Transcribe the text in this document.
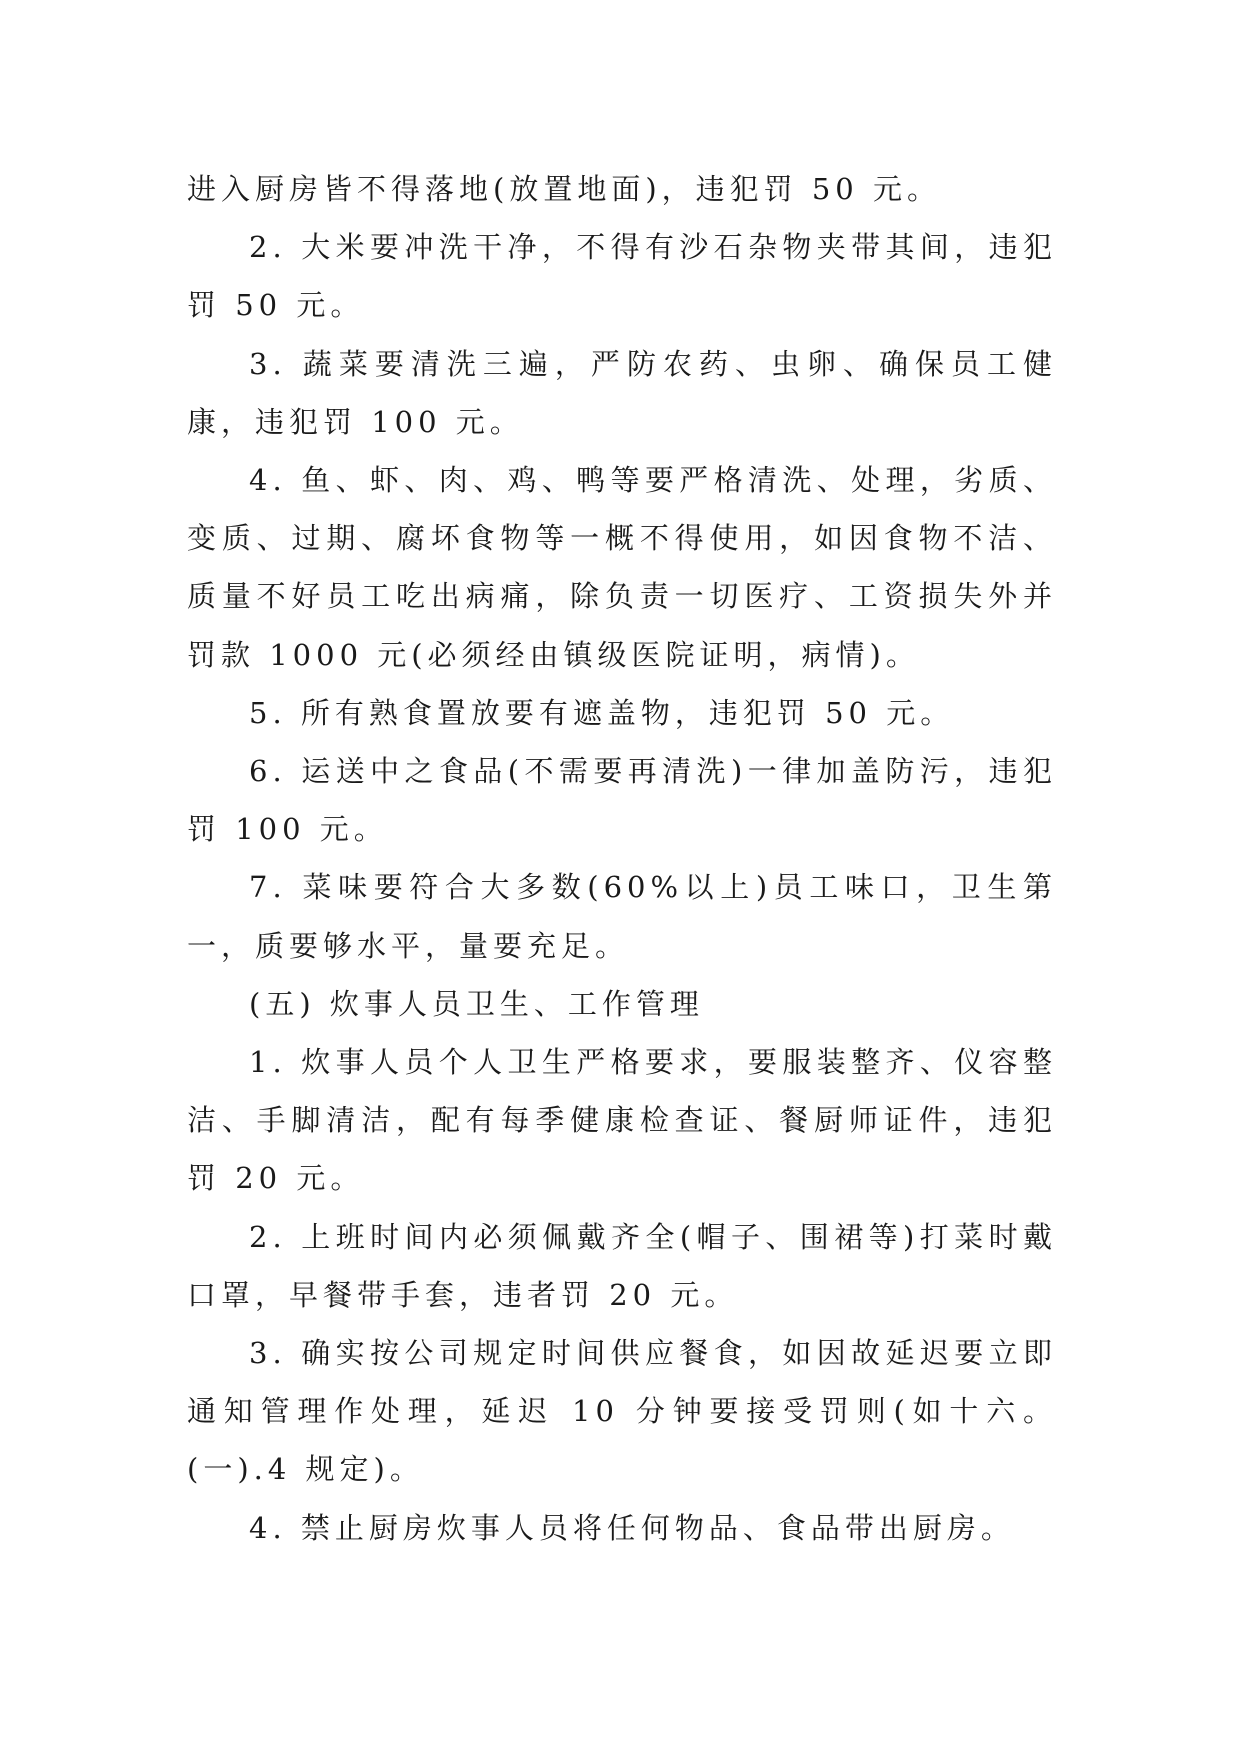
进入厨房皆不得落地(放置地面)，违犯罚 50 元。

2. 大米要冲洗干净，不得有沙石杂物夹带其间，违犯罚 50 元。

3. 蔬菜要清洗三遍，严防农药、虫卵、确保员工健康，违犯罚 100 元。

4. 鱼、虾、肉、鸡、鸭等要严格清洗、处理，劣质、变质、过期、腐坏食物等一概不得使用，如因食物不洁、质量不好员工吃出病痛，除负责一切医疗、工资损失外并罚款 1000 元(必须经由镇级医院证明，病情)。

5. 所有熟食置放要有遮盖物，违犯罚 50 元。

6. 运送中之食品(不需要再清洗)一律加盖防污，违犯罚 100 元。

7. 菜味要符合大多数(60%以上)员工味口，卫生第一，质要够水平，量要充足。

(五) 炊事人员卫生、工作管理

1. 炊事人员个人卫生严格要求，要服装整齐、仪容整洁、手脚清洁，配有每季健康检查证、餐厨师证件，违犯罚 20 元。

2. 上班时间内必须佩戴齐全(帽子、围裙等)打菜时戴口罩，早餐带手套，违者罚 20 元。

3. 确实按公司规定时间供应餐食，如因故延迟要立即通知管理作处理，延迟 10 分钟要接受罚则(如十六。(一).4 规定)。

4. 禁止厨房炊事人员将任何物品、食品带出厨房。
